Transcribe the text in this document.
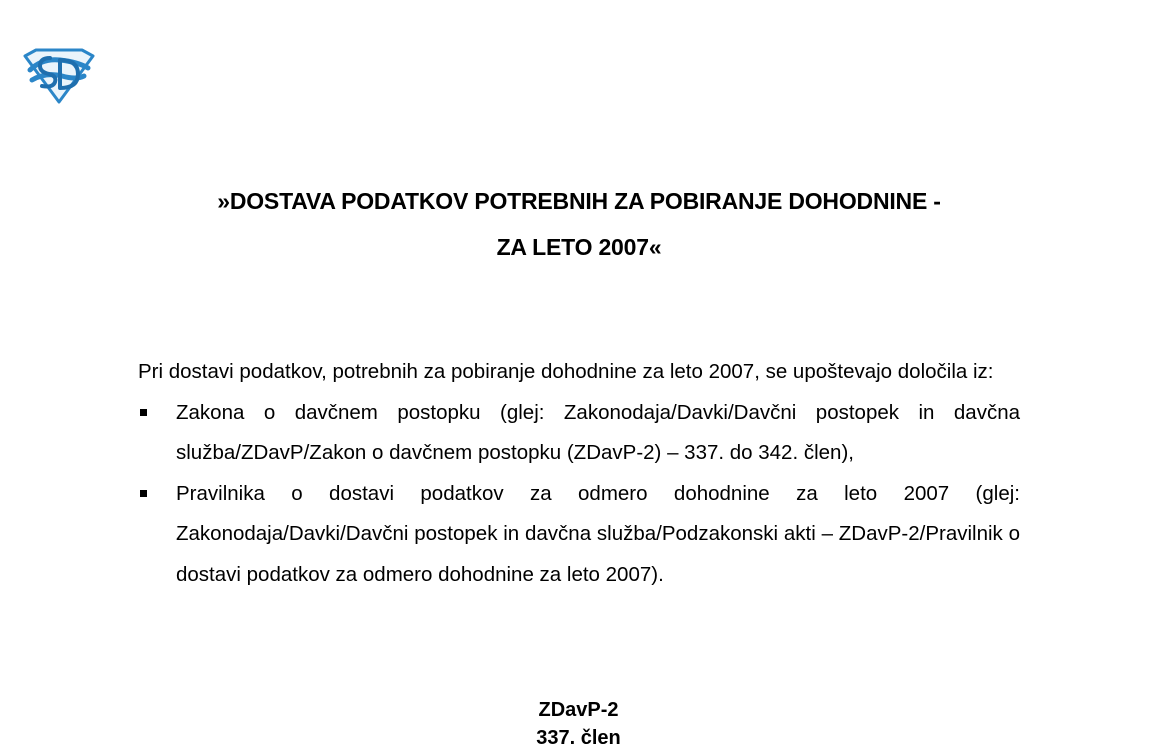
»DOSTAVA PODATKOV POTREBNIH ZA POBIRANJE DOHODNINE -
ZA LETO 2007«

Pri dostavi podatkov, potrebnih za pobiranje dohodnine za leto 2007, se upoštevajo določila iz:

Zakona o davčnem postopku (glej: Zakonodaja/Davki/Davčni postopek in davčna služba/ZDavP/Zakon o davčnem postopku (ZDavP-2) – 337. do 342. člen),
Pravilnika o dostavi podatkov za odmero dohodnine za leto 2007 (glej: Zakonodaja/Davki/Davčni postopek in davčna služba/Podzakonski akti – ZDavP-2/Pravilnik o dostavi podatkov za odmero dohodnine za leto 2007).
ZDavP-2
337. člen
